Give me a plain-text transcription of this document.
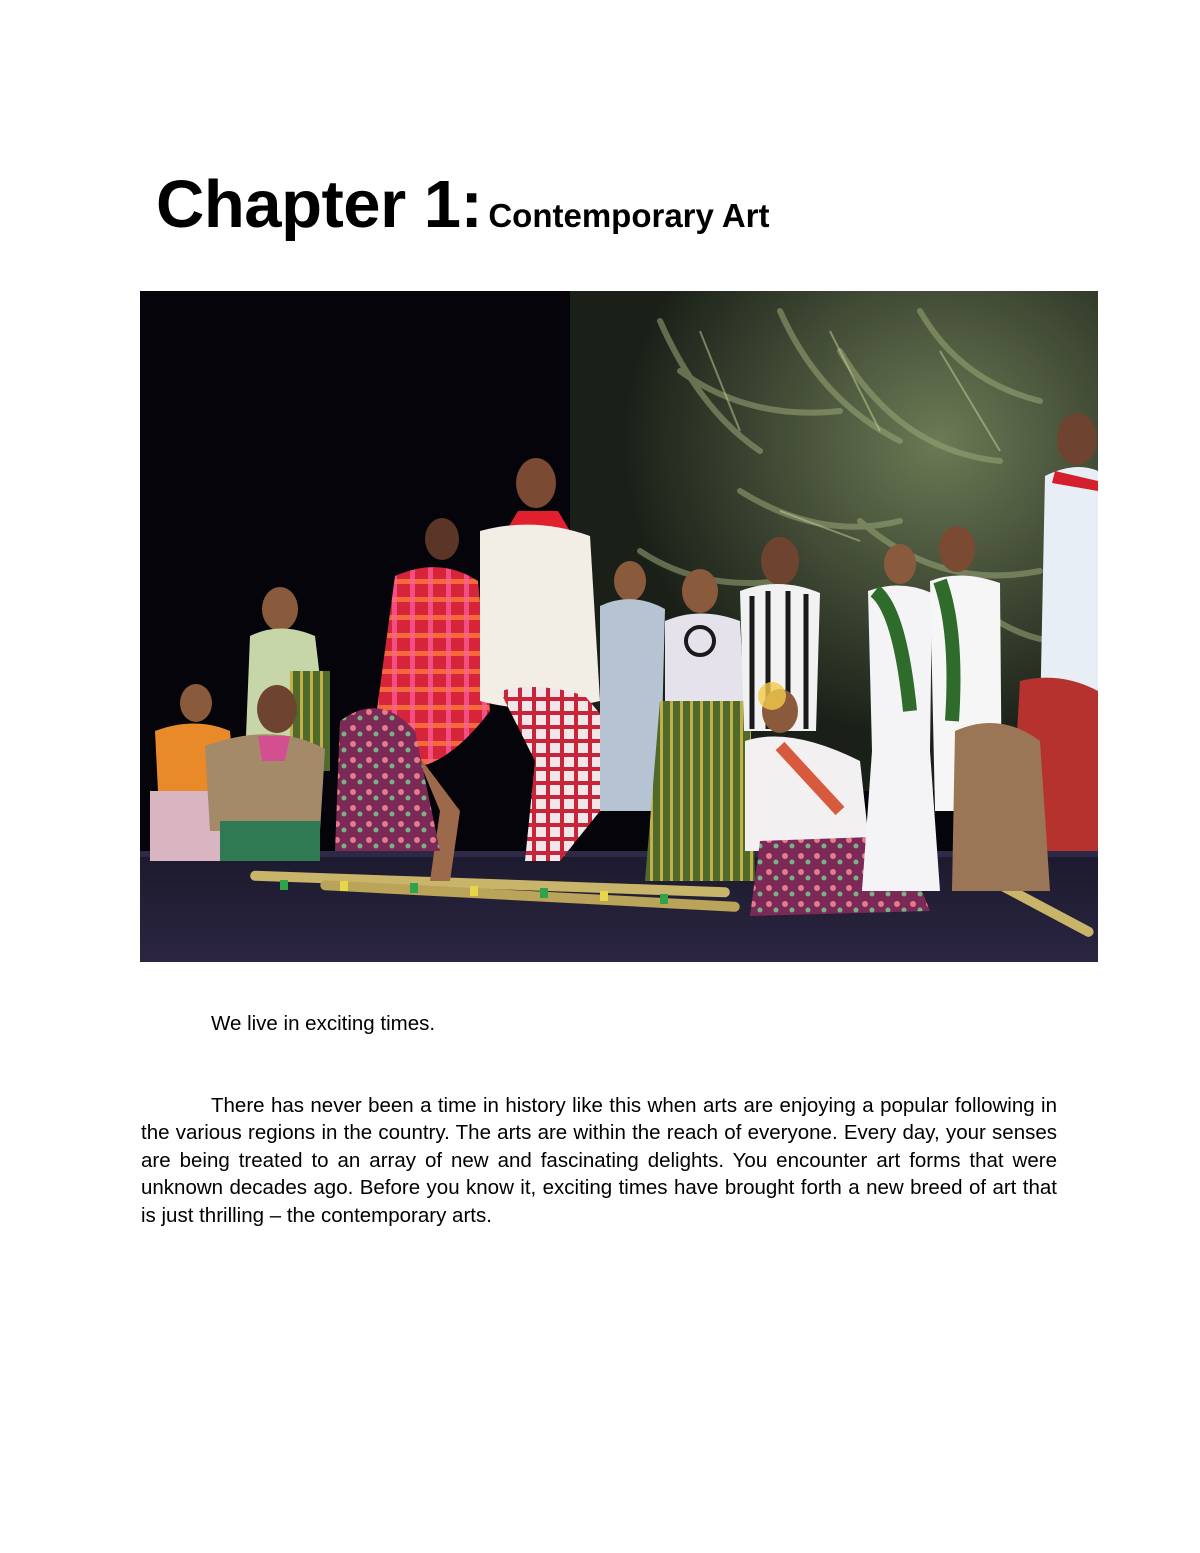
Chapter 1: Contemporary Art

We live in exciting times.

There has never been a time in history like this when arts are enjoying a popular following in the various regions in the country. The arts are within the reach of everyone. Every day, your senses are being treated to an array of new and fascinating delights. You encounter art forms that were unknown decades ago. Before you know it, exciting times have brought forth a new breed of art that is just thrilling – the contemporary arts.
